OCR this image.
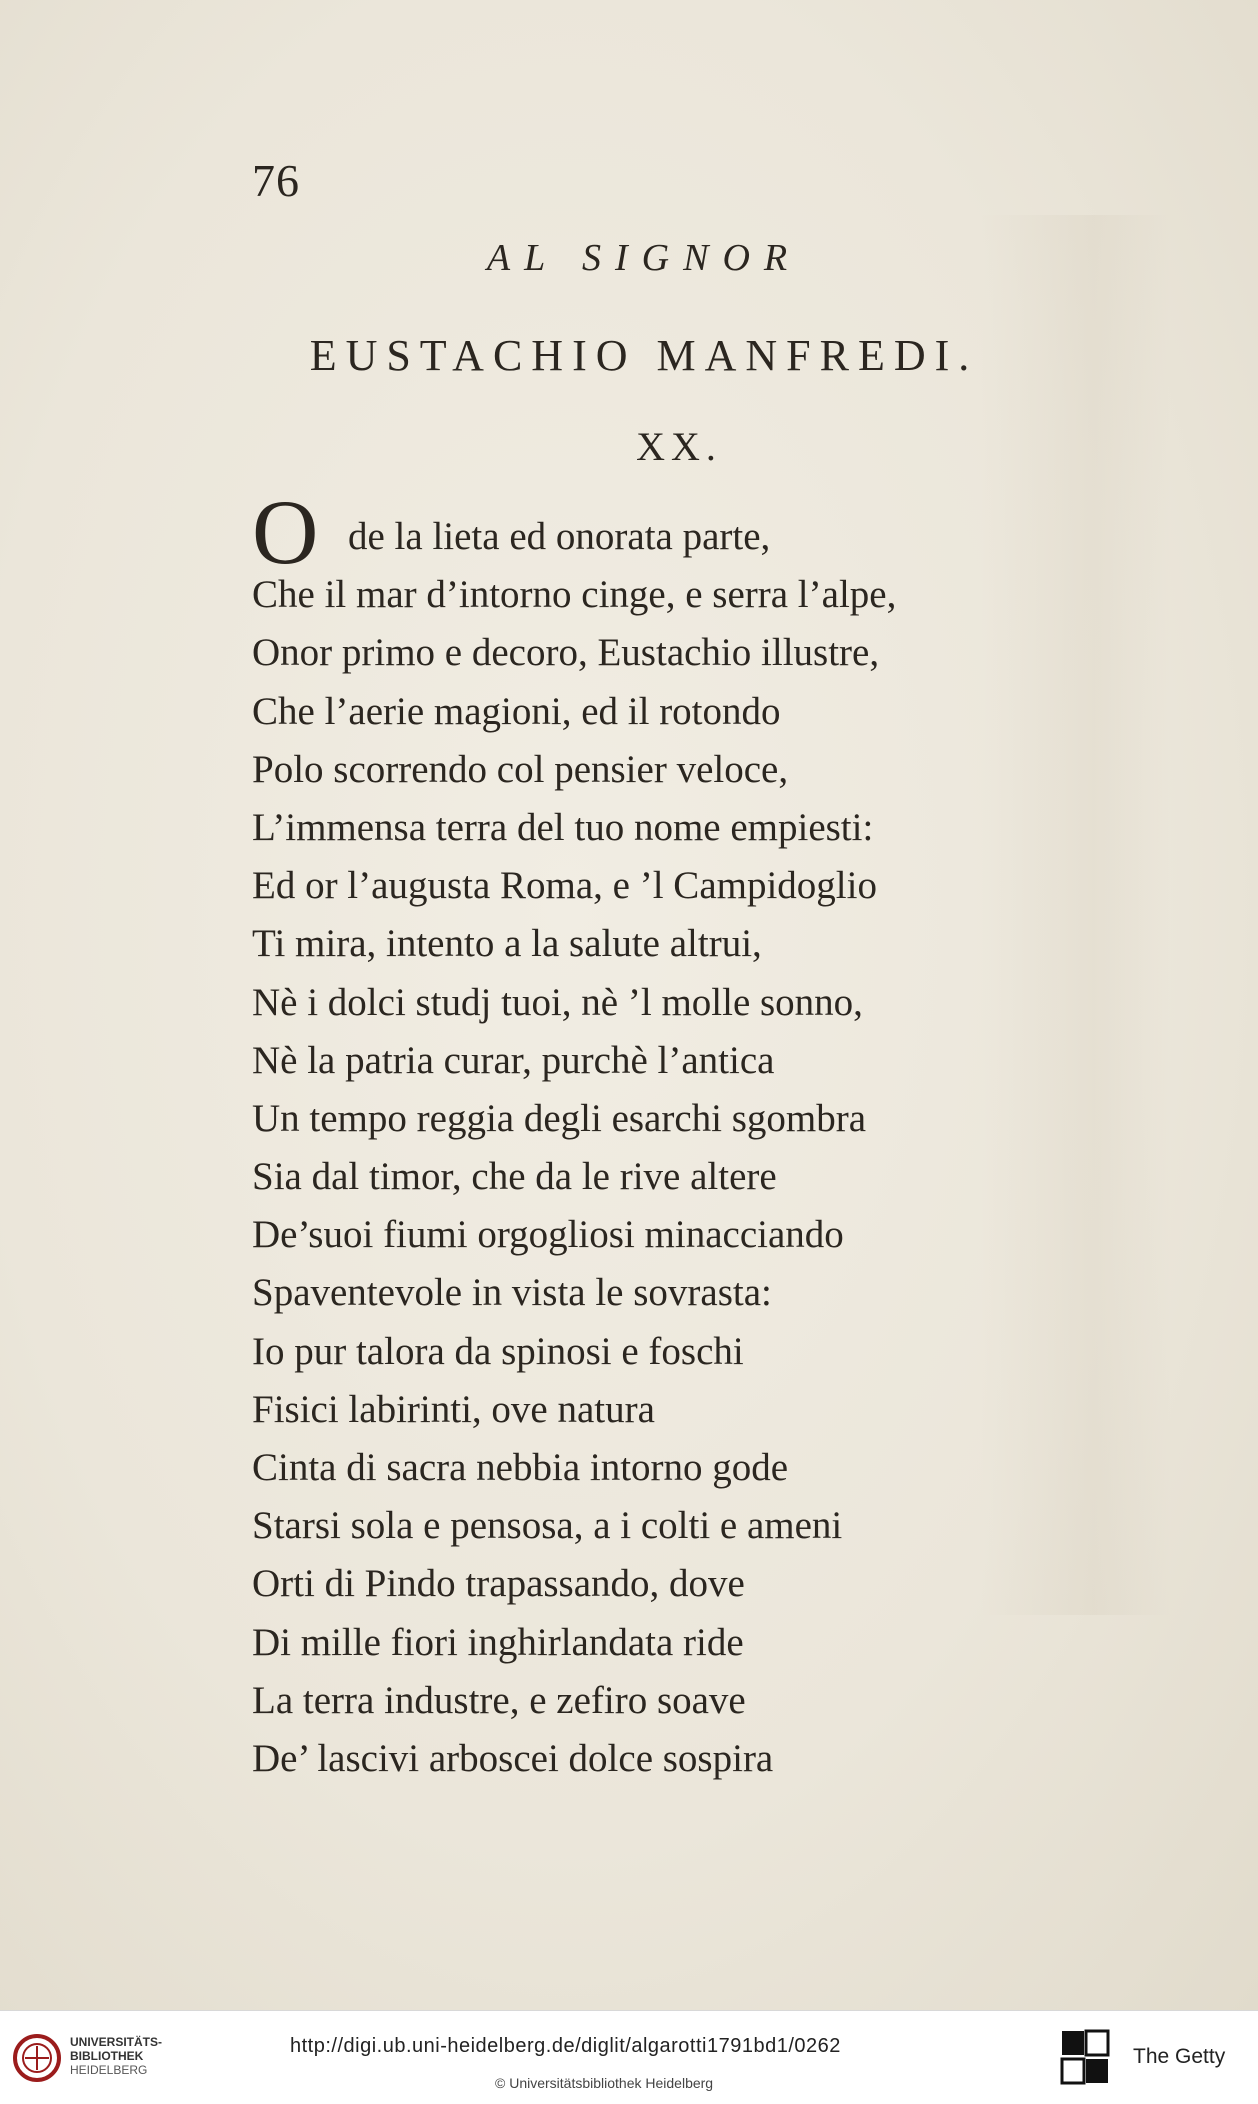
76
AL SIGNOR
EUSTACHIO MANFREDI.
XX.
O de la lieta ed onorata parte,
Che il mar d’intorno cinge, e serra l’alpe,
Onor primo e decoro, Eustachio illustre,
Che l’aerie magioni, ed il rotondo
Polo scorrendo col pensier veloce,
L’immensa terra del tuo nome empiesti:
Ed or l’augusta Roma, e ’l Campidoglio
Ti mira, intento a la salute altrui,
Nè i dolci studj tuoi, nè ’l molle sonno,
Nè la patria curar, purchè l’antica
Un tempo reggia degli esarchi sgombra
Sia dal timor, che da le rive altere
De’suoi fiumi orgogliosi minacciando
Spaventevole in vista le sovrasta:
Io pur talora da spinosi e foschi
Fisici labirinti, ove natura
Cinta di sacra nebbia intorno gode
Starsi sola e pensosa, a i colti e ameni
Orti di Pindo trapassando, dove
Di mille fiori inghirlandata ride
La terra industre, e zefiro soave
De’ lascivi arboscei dolce sospira
UNIVERSITÄTS-
BIBLIOTHEK
HEIDELBERG
http://digi.ub.uni-heidelberg.de/diglit/algarotti1791bd1/0262
© Universitätsbibliothek Heidelberg
The Getty
